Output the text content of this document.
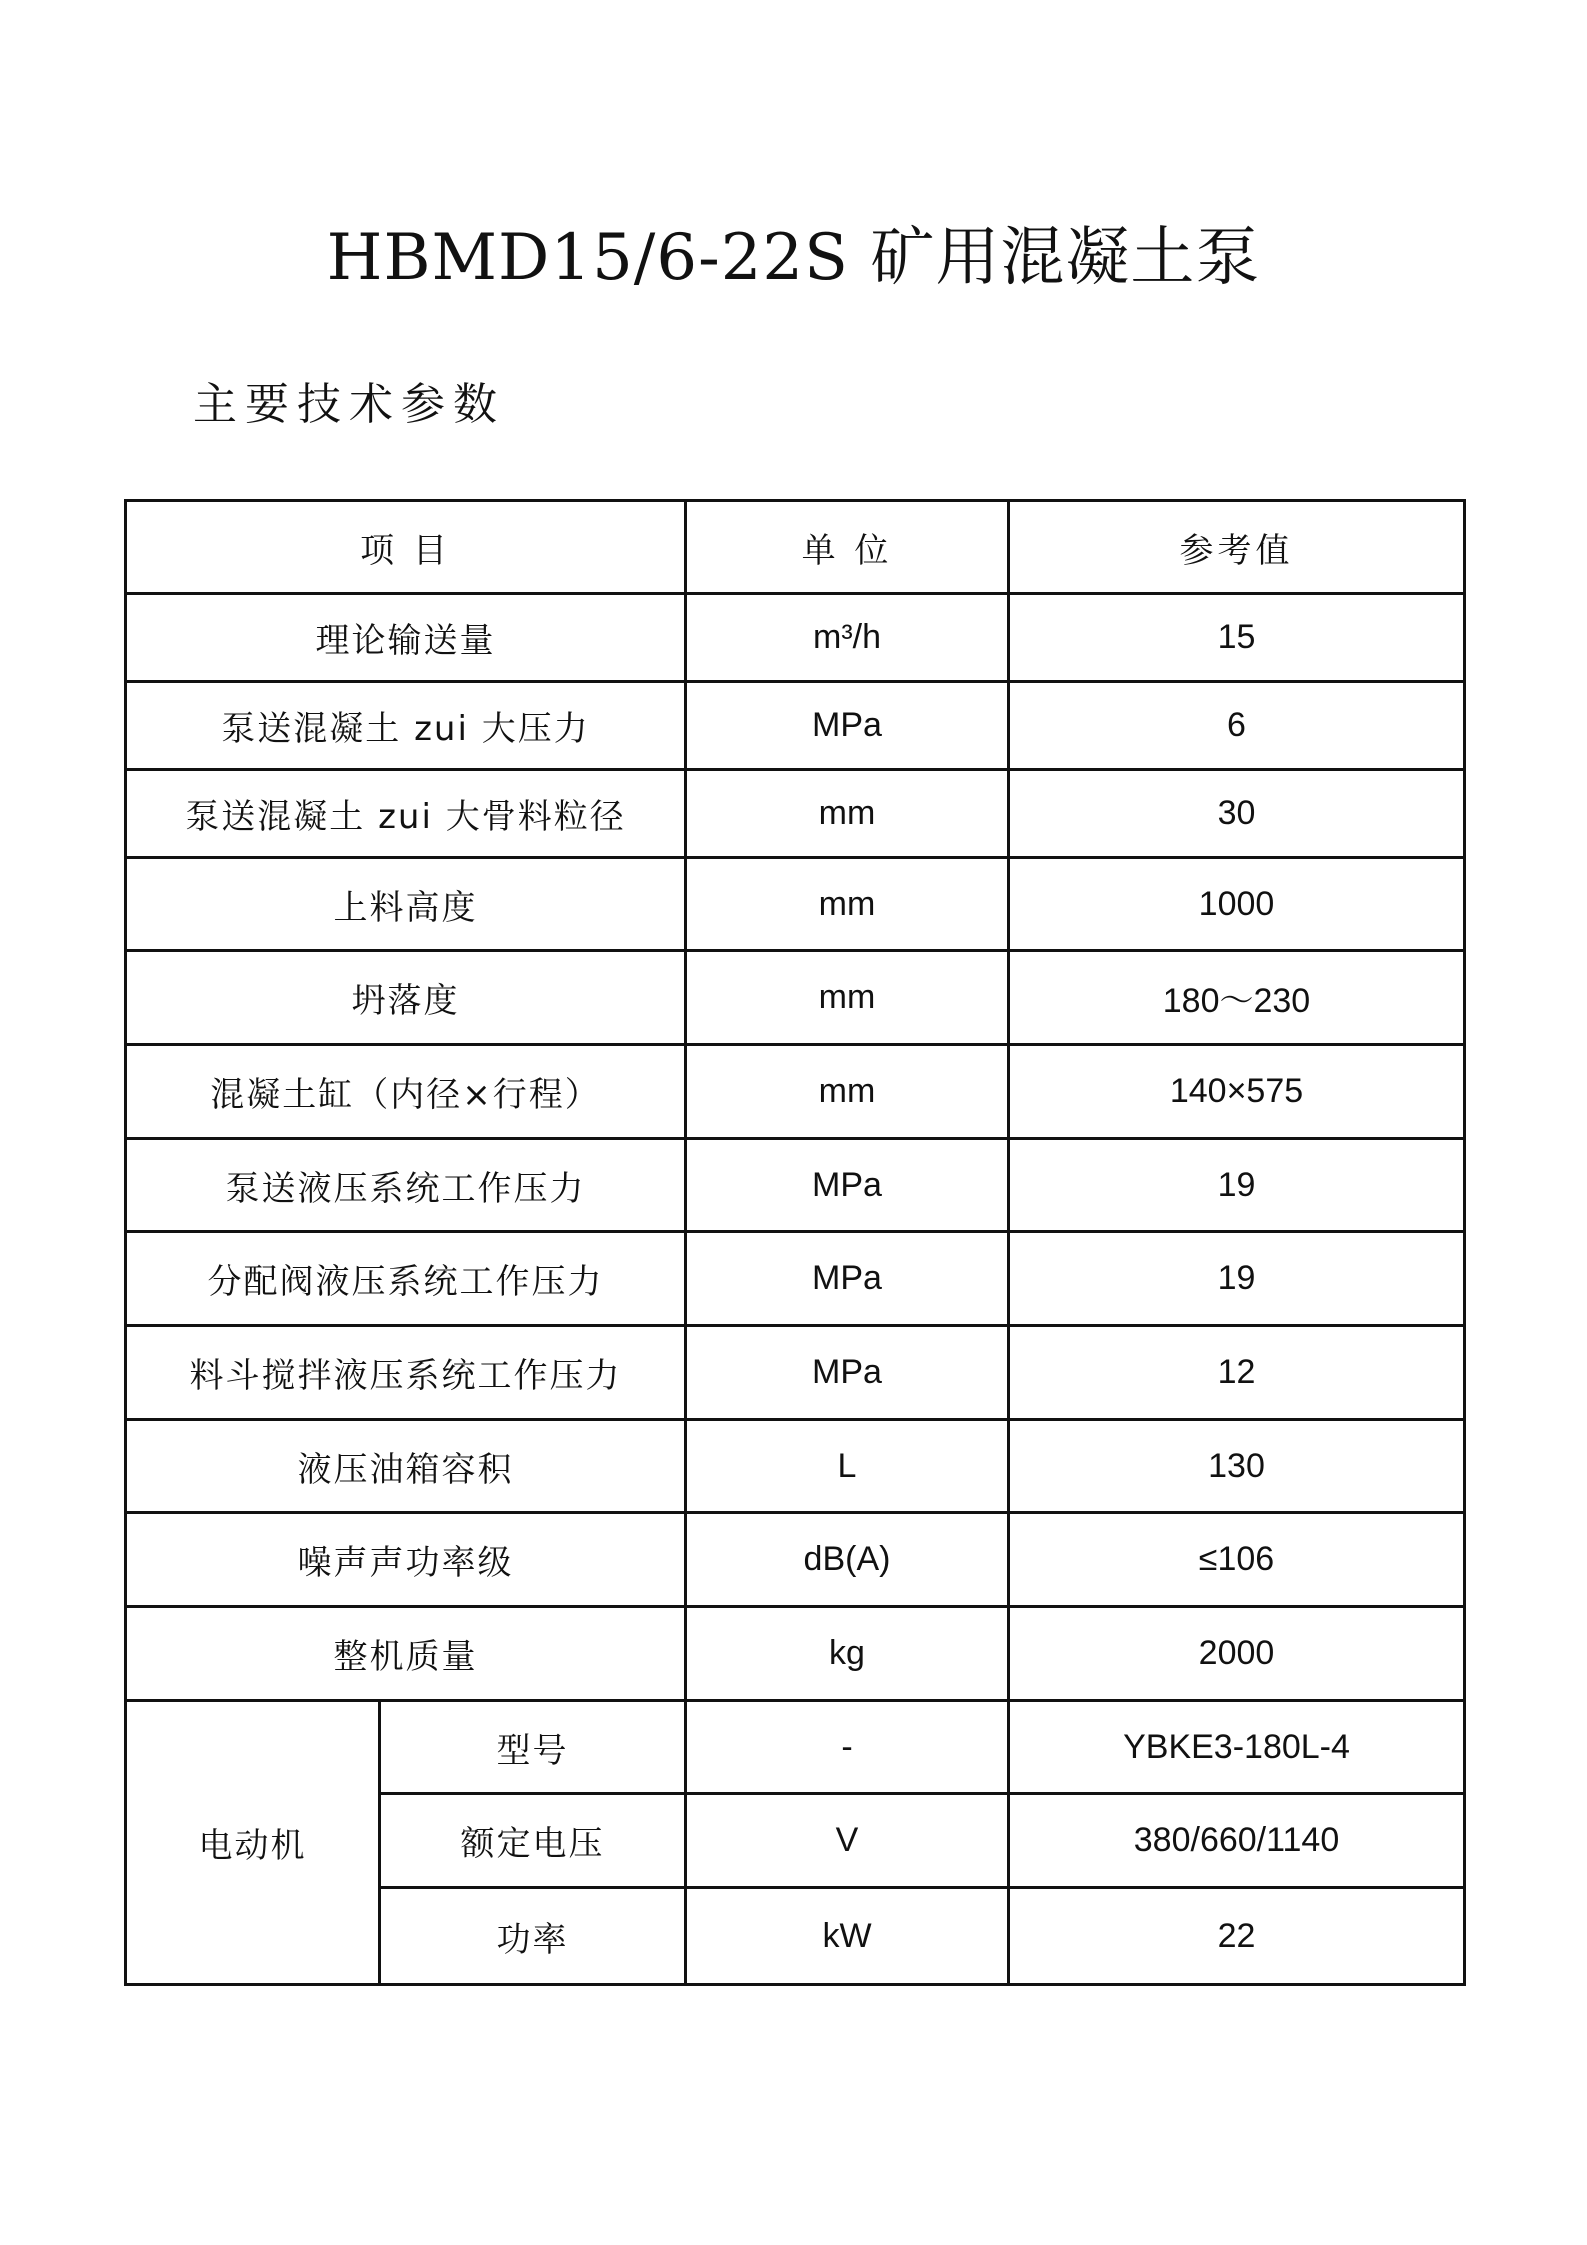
HBMD15/6-22S 矿用混凝土泵
主要技术参数
项 目		单 位	参考值
理论输送量		m³/h	15
泵送混凝土 zui 大压力		MPa	6
泵送混凝土 zui 大骨料粒径		mm	30
上料高度		mm	1000
坍落度		mm	180～230
混凝土缸（内径×行程）		mm	140×575
泵送液压系统工作压力		MPa	19
分配阀液压系统工作压力		MPa	19
料斗搅拌液压系统工作压力		MPa	12
液压油箱容积		L	130
噪声声功率级		dB(A)	≤106
整机质量		kg	2000
电动机	型号	-	YBKE3-180L-4
	额定电压	V	380/660/1140
	功率	kW	22
